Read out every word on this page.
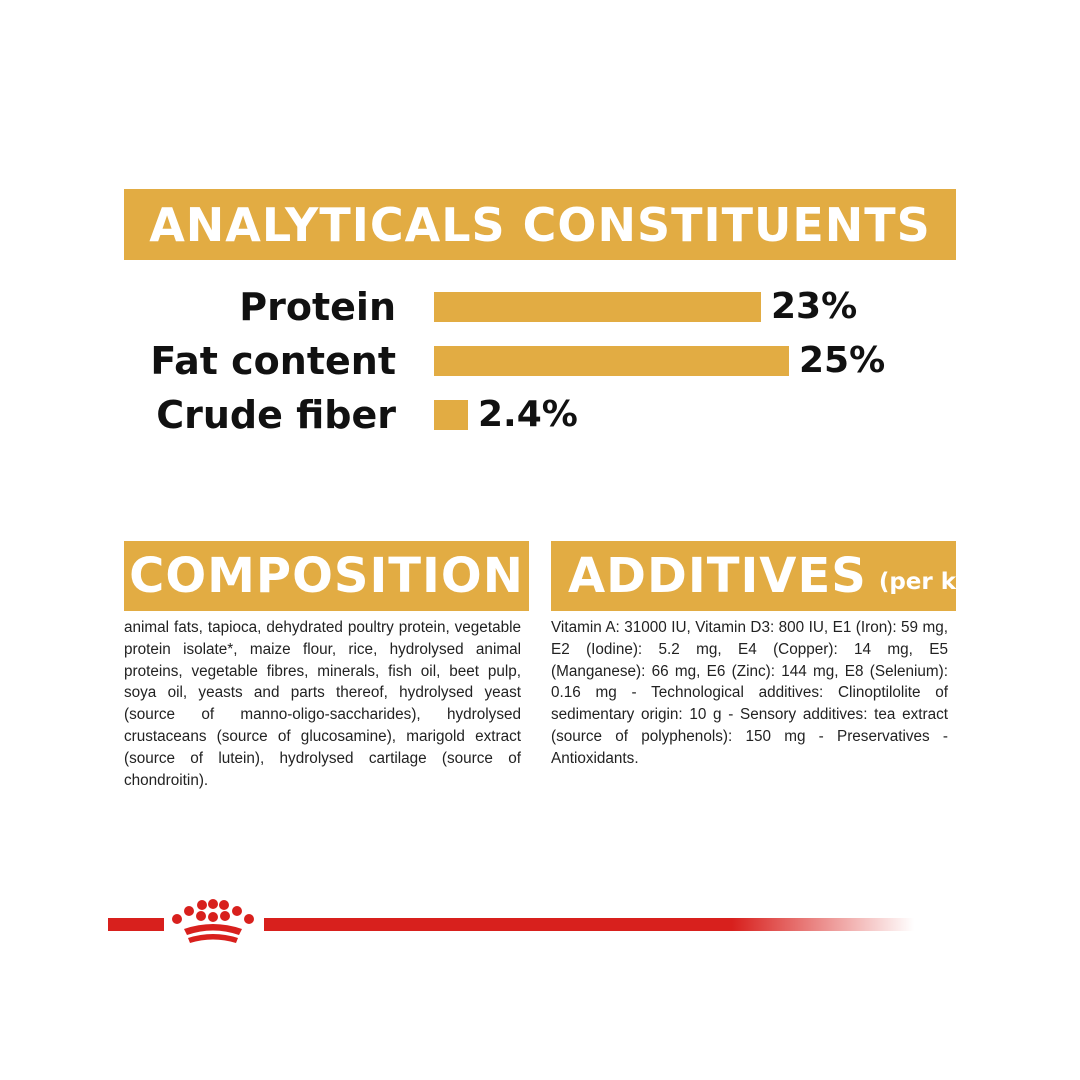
ANALYTICALS CONSTITUENTS
Protein	23%
Fat content	25%
Crude fiber 2.4%
COMPOSITION

animal fats, tapioca, dehydrated poultry protein, vegetable protein isolate*, maize flour, rice, hydrolysed animal proteins, vegetable fibres, minerals, fish oil, beet pulp, soya oil, yeasts and parts thereof, hydrolysed yeast (source of manno-oligo-saccharides), hydrolysed crustaceans (source of glucosamine), marigold extract (source of lutein), hydrolysed cartilage (source of chondroitin).

ADDITIVES (per kg)

Vitamin A: 31000 IU, Vitamin D3: 800 IU, E1 (Iron): 59 mg, E2 (Iodine): 5.2 mg, E4 (Copper): 14 mg, E5 (Manganese): 66 mg, E6 (Zinc): 144 mg, E8 (Selenium): 0.16 mg - Technological additives: Clinoptilolite of sedimentary origin: 10 g - Sensory additives: tea extract (source of polyphenols): 150 mg - Preservatives - Antioxidants.
